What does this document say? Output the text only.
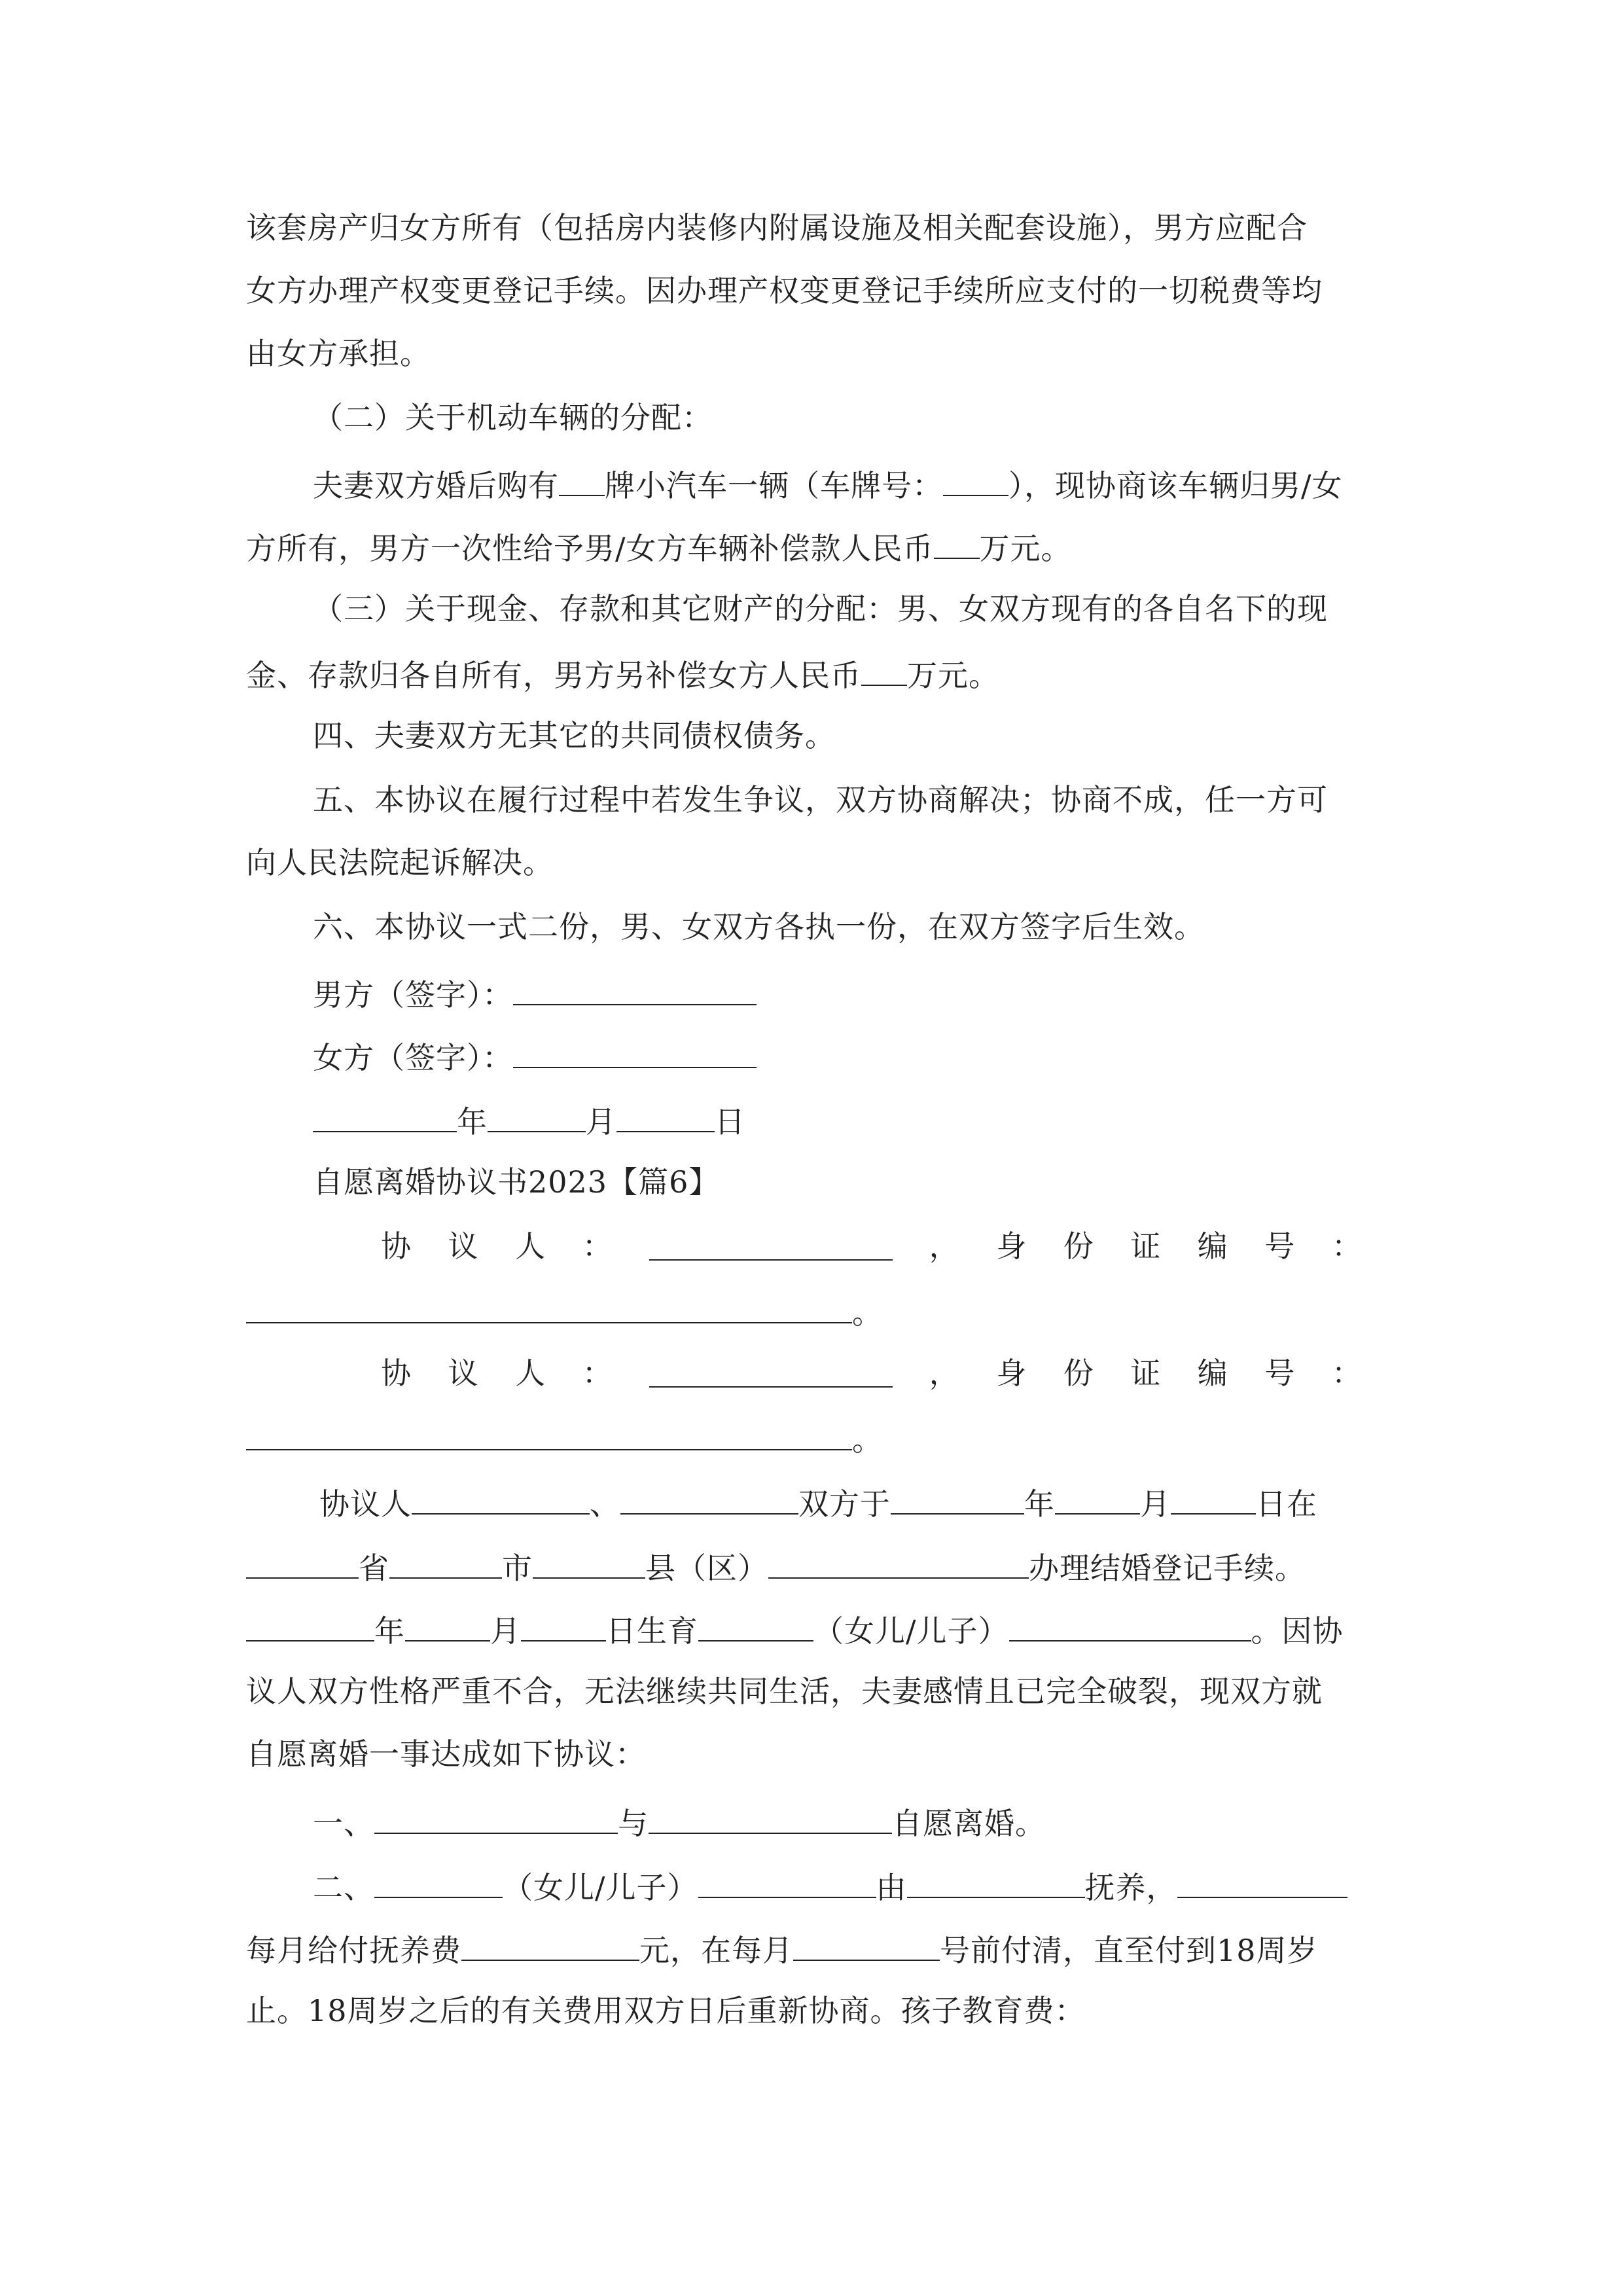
该套房产归女方所有（包括房内装修内附属设施及相关配套设施），男方应配合
女方办理产权变更登记手续。因办理产权变更登记手续所应支付的一切税费等均
由女方承担。
（二）关于机动车辆的分配：
夫妻双方婚后购有 牌小汽车一辆（车牌号： ），现协商该车辆归男/女
方所有，男方一次性给予男/女方车辆补偿款人民币 万元。
（三）关于现金、存款和其它财产的分配：男、女双方现有的各自名下的现
金、存款归各自所有，男方另补偿女方人民币 万元。
四、夫妻双方无其它的共同债权债务。
五、本协议在履行过程中若发生争议，双方协商解决；协商不成，任一方可
向人民法院起诉解决。
六、本协议一式二份，男、女双方各执一份，在双方签字后生效。
男方（签字）：
女方（签字）：
年	月	日
自愿离婚协议书2023【篇6】
协 议 人 ：	， 身 份 证 编 号 ：
。
协 议 人 ：	， 身 份 证 编 号 ：
。
协议人	、	双方于	年	月	日在
省	市	县（区）	办理结婚登记手续。
年	月	日生育	（女儿/儿子）	。因协
议人双方性格严重不合，无法继续共同生活，夫妻感情且已完全破裂，现双方就
自愿离婚一事达成如下协议：
一、	与	自愿离婚。
二、	（女儿/儿子）	由	抚养，
每月给付抚养费	元，在每月	号前付清，直至付到18周岁
止。18周岁之后的有关费用双方日后重新协商。孩子教育费：
